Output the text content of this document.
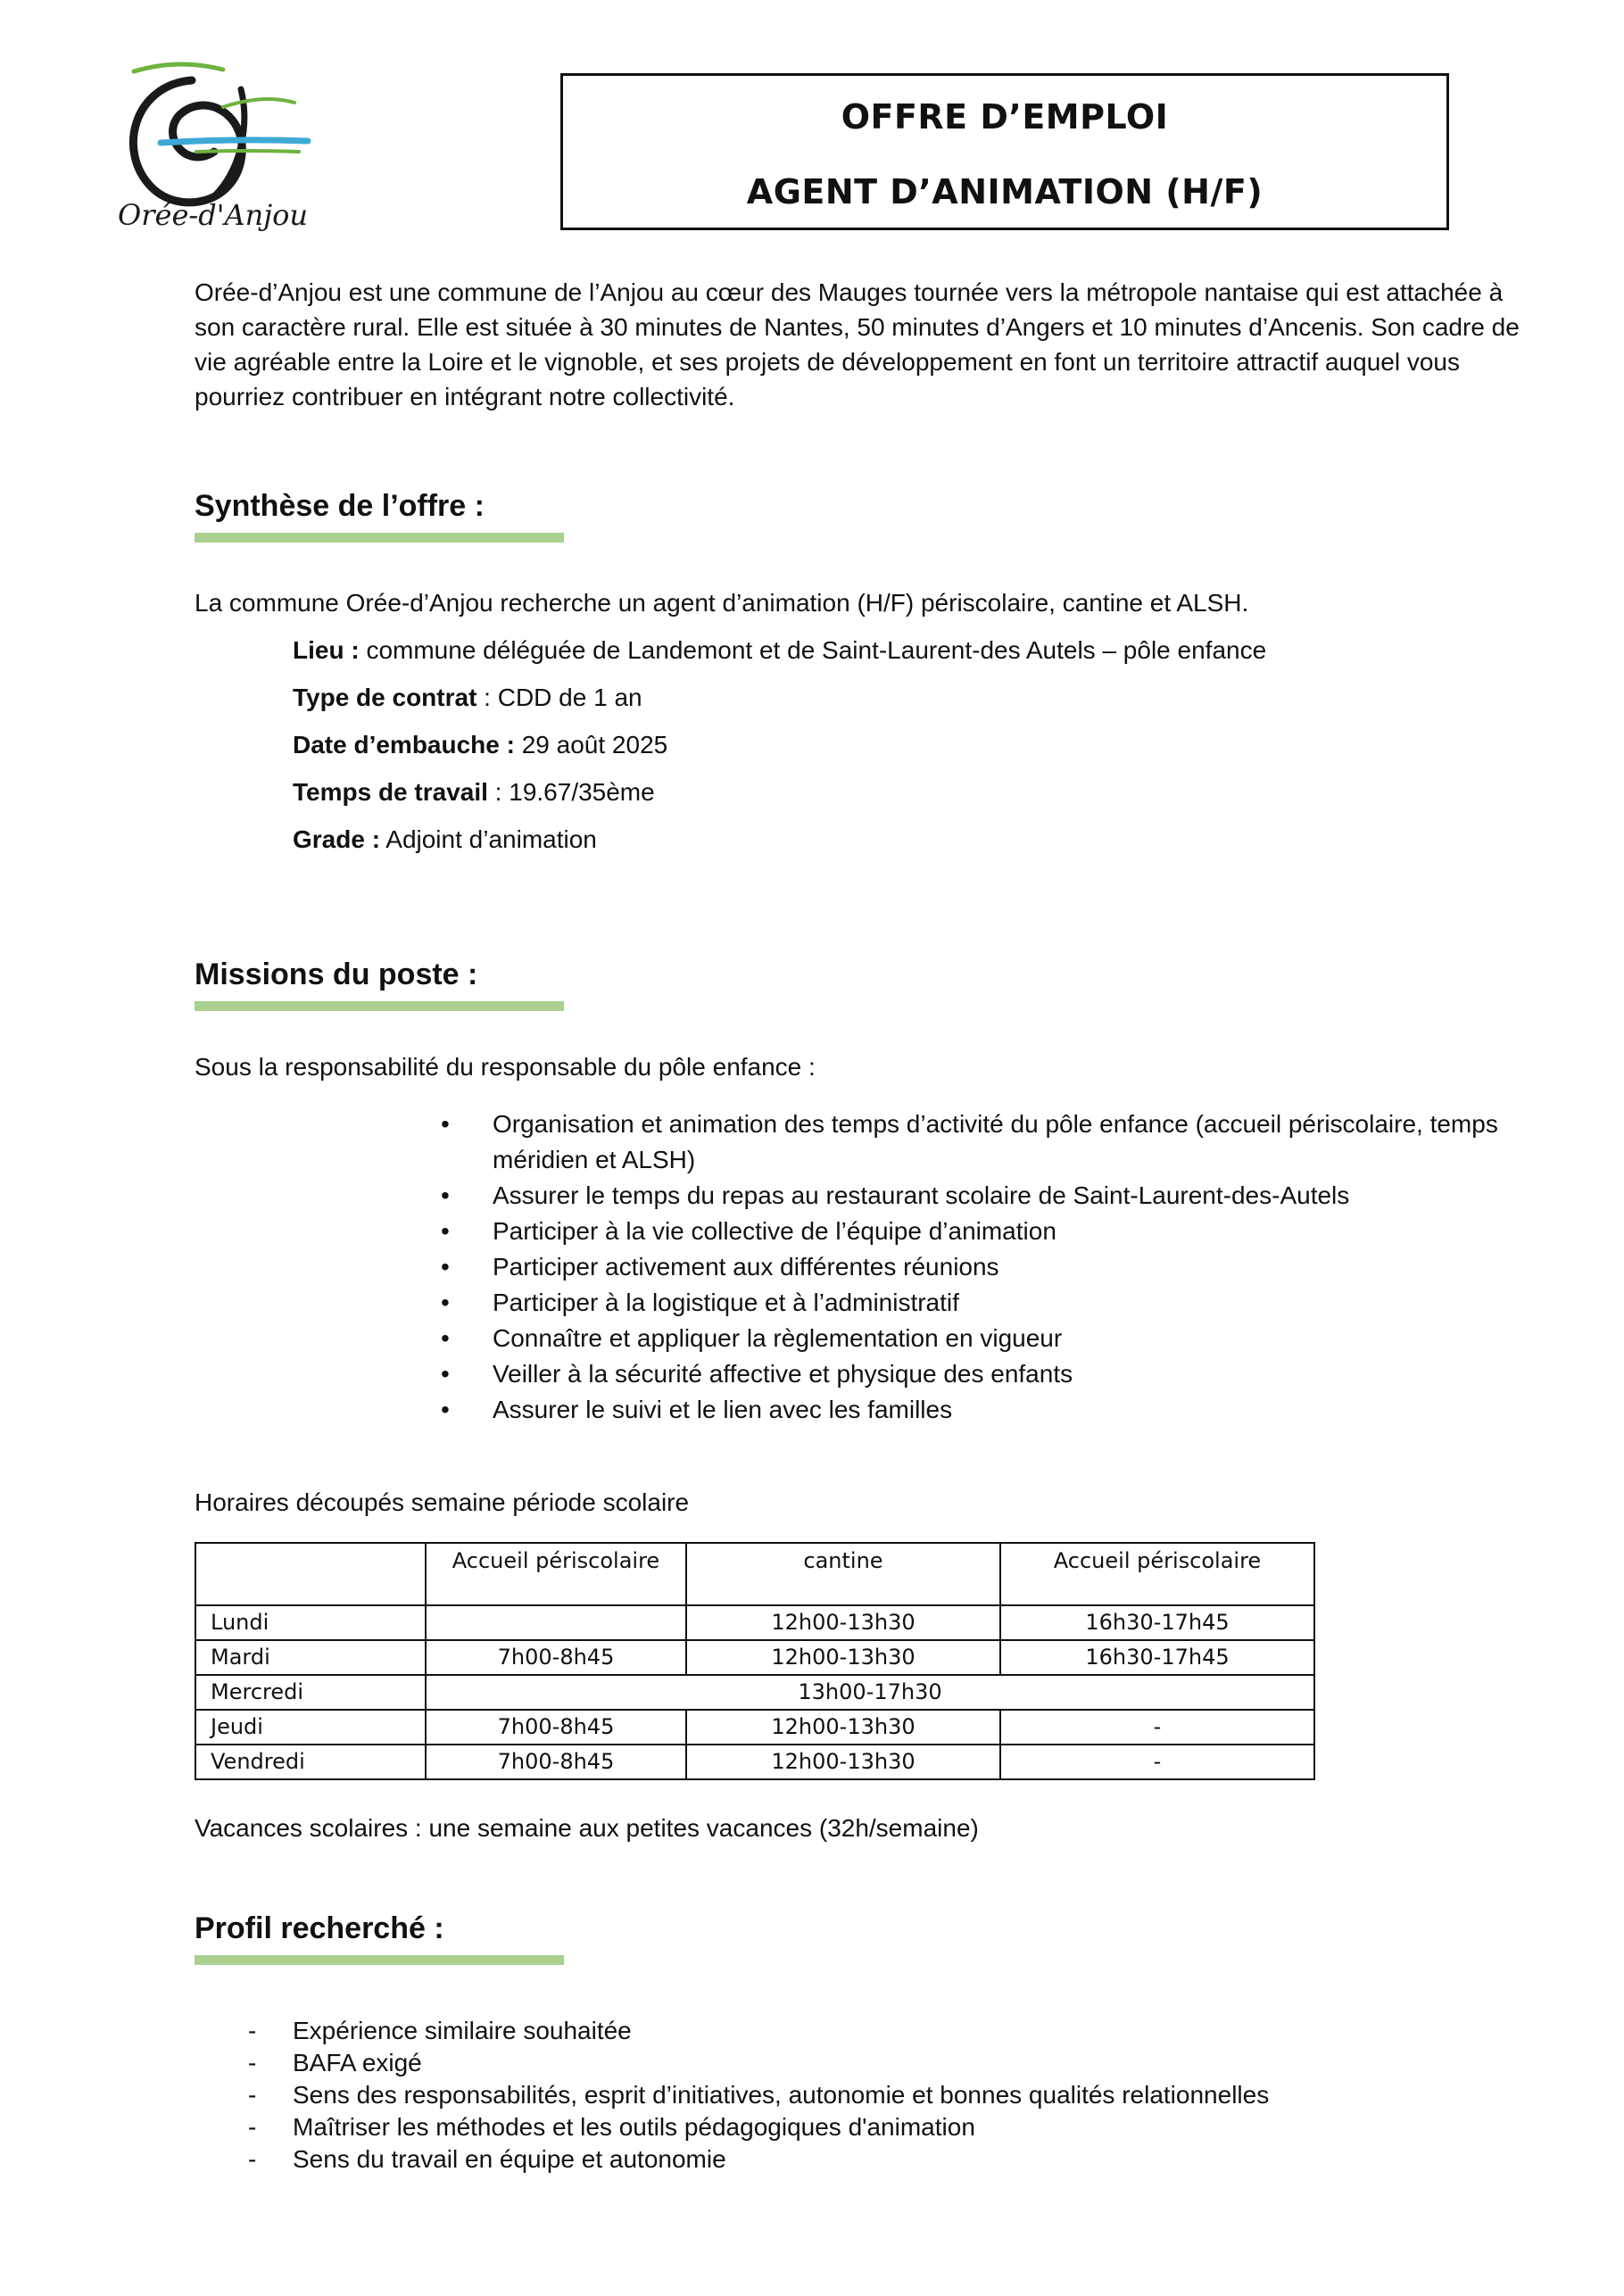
Orée-d'Anjou
OFFRE D’EMPLOI
AGENT D’ANIMATION (H/F)
Orée-d’Anjou est une commune de l’Anjou au cœur des Mauges tournée vers la métropole nantaise qui est attachée à son caractère rural. Elle est située à 30 minutes de Nantes, 50 minutes d’Angers et 10 minutes d’Ancenis. Son cadre de vie agréable entre la Loire et le vignoble, et ses projets de développement en font un territoire attractif auquel vous pourriez contribuer en intégrant notre collectivité.
Synthèse de l’offre :
La commune Orée-d’Anjou recherche un agent d’animation (H/F) périscolaire, cantine et ALSH.
Lieu : commune déléguée de Landemont et de Saint-Laurent-des Autels – pôle enfance
Type de contrat : CDD de 1 an
Date d’embauche : 29 août 2025
Temps de travail : 19.67/35ème
Grade : Adjoint d’animation
Missions du poste :
Sous la responsabilité du responsable du pôle enfance :
• Organisation et animation des temps d’activité du pôle enfance (accueil périscolaire, temps méridien et ALSH)
• Assurer le temps du repas au restaurant scolaire de Saint-Laurent-des-Autels
• Participer à la vie collective de l’équipe d’animation
• Participer activement aux différentes réunions
• Participer à la logistique et à l’administratif
• Connaître et appliquer la règlementation en vigueur
• Veiller à la sécurité affective et physique des enfants
• Assurer le suivi et le lien avec les familles
Horaires découpés semaine période scolaire
	Accueil périscolaire	cantine	Accueil périscolaire
Lundi		12h00-13h30	16h30-17h45
Mardi	7h00-8h45	12h00-13h30	16h30-17h45
Mercredi	13h00-17h30		
Jeudi	7h00-8h45	12h00-13h30	-
Vendredi	7h00-8h45	12h00-13h30	-
Vacances scolaires : une semaine aux petites vacances (32h/semaine)
Profil recherché :
- Expérience similaire souhaitée
- BAFA exigé
- Sens des responsabilités, esprit d’initiatives, autonomie et bonnes qualités relationnelles
- Maîtriser les méthodes et les outils pédagogiques d'animation
- Sens du travail en équipe et autonomie
